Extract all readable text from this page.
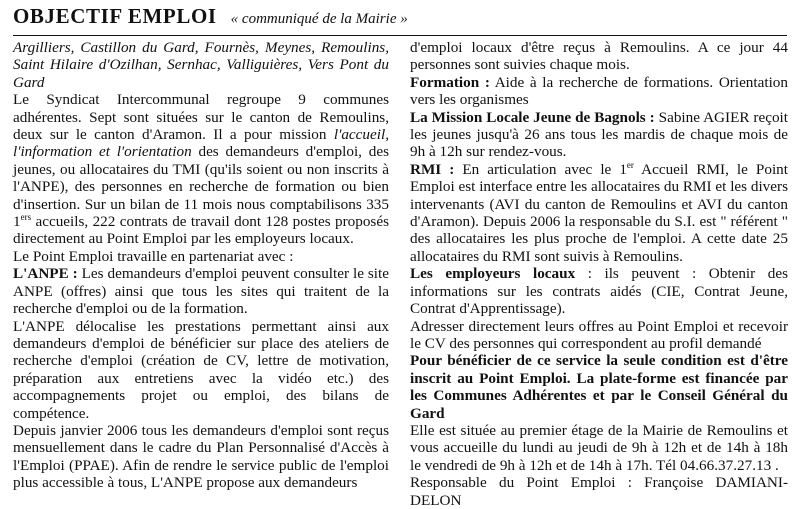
OBJECTIF EMPLOI « communiqué de la Mairie »

Argilliers, Castillon du Gard, Fournès, Meynes, Remoulins, Saint Hilaire d'Ozilhan, Sernhac, Valliguières, Vers Pont du Gard

Le Syndicat Intercommunal regroupe 9 communes adhérentes. Sept sont situées sur le canton de Remoulins, deux sur le canton d'Aramon. Il a pour mission l'accueil, l'information et l'orientation des demandeurs d'emploi, des jeunes, ou allocataires du TMI (qu'ils soient ou non inscrits à l'ANPE), des personnes en recherche de formation ou bien d'insertion. Sur un bilan de 11 mois nous comptabilisons 335 1ers accueils, 222 contrats de travail dont 128 postes proposés directement au Point Emploi par les employeurs locaux.

Le Point Emploi travaille en partenariat avec :

L'ANPE : Les demandeurs d'emploi peuvent consulter le site ANPE (offres) ainsi que tous les sites qui traitent de la recherche d'emploi ou de la formation.

L'ANPE délocalise les prestations permettant ainsi aux demandeurs d'emploi de bénéficier sur place des ateliers de recherche d'emploi (création de CV, lettre de motivation, préparation aux entretiens avec la vidéo etc.) des accompagnements projet ou emploi, des bilans de compétence.

Depuis janvier 2006 tous les demandeurs d'emploi sont reçus mensuellement dans le cadre du Plan Personnalisé d'Accès à l'Emploi (PPAE). Afin de rendre le service public de l'emploi plus accessible à tous, L'ANPE propose aux demandeurs

d'emploi locaux d'être reçus à Remoulins. A ce jour 44 personnes sont suivies chaque mois.

Formation : Aide à la recherche de formations. Orientation vers les organismes

La Mission Locale Jeune de Bagnols : Sabine AGIER reçoit les jeunes jusqu'à 26 ans tous les mardis de chaque mois de 9h à 12h sur rendez-vous.

RMI : En articulation avec le 1er Accueil RMI, le Point Emploi est interface entre les allocataires du RMI et les divers intervenants (AVI du canton de Remoulins et AVI du canton d'Aramon). Depuis 2006 la responsable du S.I. est " référent " des allocataires les plus proche de l'emploi. A cette date 25 allocataires du RMI sont suivis à Remoulins.

Les employeurs locaux : ils peuvent : Obtenir des informations sur les contrats aidés (CIE, Contrat Jeune, Contrat d'Apprentissage).

Adresser directement leurs offres au Point Emploi et recevoir le CV des personnes qui correspondent au profil demandé

Pour bénéficier de ce service la seule condition est d'être inscrit au Point Emploi. La plate-forme est financée par les Communes Adhérentes et par le Conseil Général du Gard

Elle est située au premier étage de la Mairie de Remoulins et vous accueille du lundi au jeudi de 9h à 12h et de 14h à 18h le vendredi de 9h à 12h et de 14h à 17h. Tél 04.66.37.27.13 .

Responsable du Point Emploi : Françoise DAMIANI-DELON
